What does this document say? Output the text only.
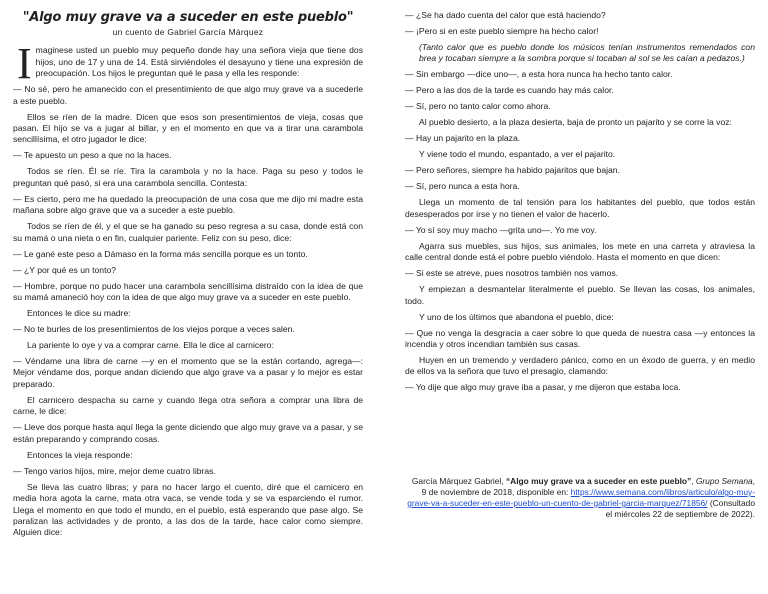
"Algo muy grave va a suceder en este pueblo"
un cuento de Gabriel García Márquez

Imaginese usted un pueblo muy pequeño donde hay una señora vieja que tiene dos hijos, uno de 17 y una de 14. Está sirviéndoles el desayuno y tiene una expresión de preocupación. Los hijos le preguntan qué le pasa y ella les responde:

— No sé, pero he amanecido con el presentimiento de que algo muy grave va a sucederle a este pueblo.

Ellos se ríen de la madre. Dicen que esos son presentimientos de vieja, cosas que pasan. El hijo se va a jugar al billar, y en el momento en que va a tirar una carambola sencillísima, el otro jugador le dice:

— Te apuesto un peso a que no la haces.

Todos se ríen. Él se ríe. Tira la carambola y no la hace. Paga su peso y todos le preguntan qué pasó, si era una carambola sencilla. Contesta:

— Es cierto, pero me ha quedado la preocupación de una cosa que me dijo mi madre esta mañana sobre algo grave que va a suceder a este pueblo.

Todos se ríen de él, y el que se ha ganado su peso regresa a su casa, donde está con su mamá o una nieta o en fin, cualquier pariente. Feliz con su peso, dice:

— Le gané este peso a Dámaso en la forma más sencilla porque es un tonto.

— ¿Y por qué es un tonto?

— Hombre, porque no pudo hacer una carambola sencillísima distraído con la idea de que su mamá amaneció hoy con la idea de que algo muy grave va a suceder en este pueblo.

Entonces le dice su madre:

— No te burles de los presentimientos de los viejos porque a veces salen.

La pariente lo oye y va a comprar carne. Ella le dice al carnicero:

— Véndame una libra de carne —y en el momento que se la están cortando, agrega—: Mejor véndame dos, porque andan diciendo que algo grave va a pasar y lo mejor es estar preparado.

El carnicero despacha su carne y cuando llega otra señora a comprar una libra de carne, le dice:

— Lleve dos porque hasta aquí llega la gente diciendo que algo muy grave va a pasar, y se están preparando y comprando cosas.

Entonces la vieja responde:

— Tengo varios hijos, mire, mejor deme cuatro libras.

Se lleva las cuatro libras; y para no hacer largo el cuento, diré que el carnicero en media hora agota la carne, mata otra vaca, se vende toda y se va esparciendo el rumor. Llega el momento en que todo el mundo, en el pueblo, está esperando que pase algo. Se paralizan las actividades y de pronto, a las dos de la tarde, hace calor como siempre. Alguien dice:

— ¿Se ha dado cuenta del calor que está haciendo?

— ¡Pero si en este pueblo siempre ha hecho calor!

(Tanto calor que es pueblo donde los músicos tenían instrumentos remendados con brea y tocaban siempre a la sombra porque si tocaban al sol se les caían a pedazos.)

— Sin embargo —dice uno—, a esta hora nunca ha hecho tanto calor.

— Pero a las dos de la tarde es cuando hay más calor.

— Sí, pero no tanto calor como ahora.

Al pueblo desierto, a la plaza desierta, baja de pronto un pajarito y se corre la voz:

— Hay un pajarito en la plaza.

Y viene todo el mundo, espantado, a ver el pajarito.

— Pero señores, siempre ha habido pajaritos que bajan.

— Sí, pero nunca a esta hora.

Llega un momento de tal tensión para los habitantes del pueblo, que todos están desesperados por irse y no tienen el valor de hacerlo.

— Yo sí soy muy macho —grita uno—. Yo me voy.

Agarra sus muebles, sus hijos, sus animales, los mete en una carreta y atraviesa la calle central donde está el pobre pueblo viéndolo. Hasta el momento en que dicen:

— Si este se atreve, pues nosotros también nos vamos.

Y empiezan a desmantelar literalmente el pueblo. Se llevan las cosas, los animales, todo.

Y uno de los últimos que abandona el pueblo, dice:

— Que no venga la desgracia a caer sobre lo que queda de nuestra casa —y entonces la incendia y otros incendian también sus casas.

Huyen en un tremendo y verdadero pánico, como en un éxodo de guerra, y en medio de ellos va la señora que tuvo el presagio, clamando:

— Yo dije que algo muy grave iba a pasar, y me dijeron que estaba loca.

García Márquez Gabriel, “Algo muy grave va a suceder en este pueblo”, Grupo Semana, 9 de noviembre de 2018, disponible en: https://www.semana.com/libros/articulo/algo-muy-grave-va-a-suceder-en-este-pueblo-un-cuento-de-gabriel-garcia-marquez/71856/ (Consultado el miércoles 22 de septiembre de 2022).
